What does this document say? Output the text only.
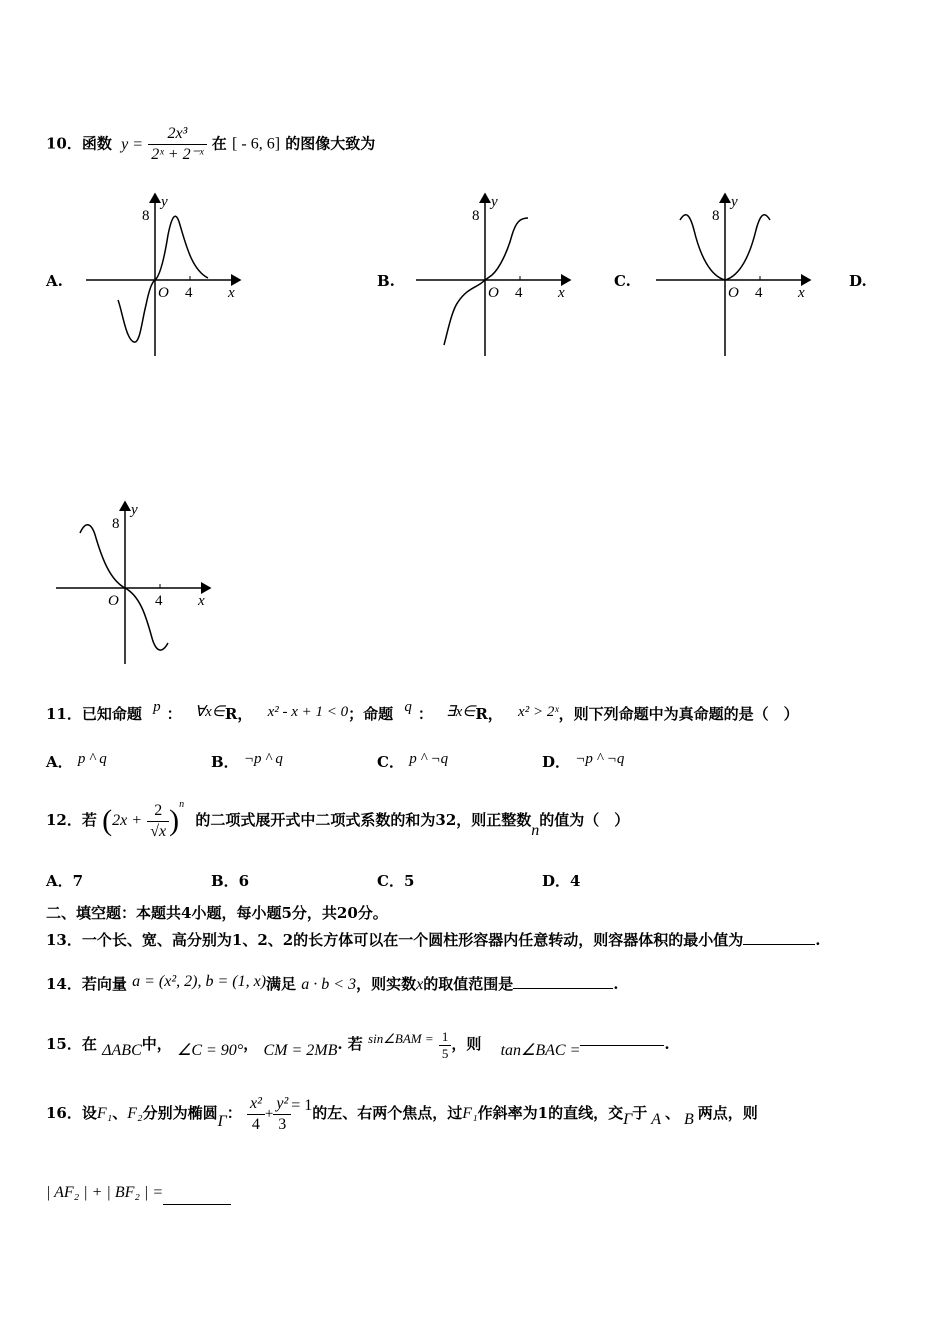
10．函数 $y = \frac{\text{2x³}}{\text{2ˣ + 2⁻ˣ}}$ 在 [ - 6, 6] 的图像大致为
A.	B.	C.	D.
y
8
O 4 x
y
8
O 4 x
y
8
O 4 x
y
8
O 4 x
11．已知命题 p ： ∀x∈R， x² - x + 1 < 0；命题 q ： ∃x∈R， x² > 2ˣ，则下列命题中为真命题的是（　）
A． p ^ q	B． ¬p ^ q	C． p ^ ¬q	D． ¬p ^ ¬q
12．若 $(2x + \frac{2}{√x} )^n$ 的二项式展开式中二项式系数的和为32，则正整数n的值为（　）
A．7	B．6	C．5	D．4
二、填空题：本题共4小题，每小题5分，共20分。
13．一个长、宽、高分别为1、2、2的长方体可以在一个圆柱形容器内任意转动，则容器体积的最小值为	.
14．若向量 a = (x², 2), b = (1, x)满足 a · b < 3，则实数x的取值范围是	.
15．在 ΔABC中， ∠C = 90°， CM = 2MB. 若 sin∠BAM = $\frac{1}{5}$ ，则 tan∠BAC =	.
16．设F₁、F₂分别为椭圆Γ： $\frac{\text{x²}}{4} + \frac{\text{y²}}{3} = 1$的左、右两个焦点，过F₁作斜率为1的直线，交Γ于 A 、 B 两点，则
| AF₂ | + | BF₂ | =
